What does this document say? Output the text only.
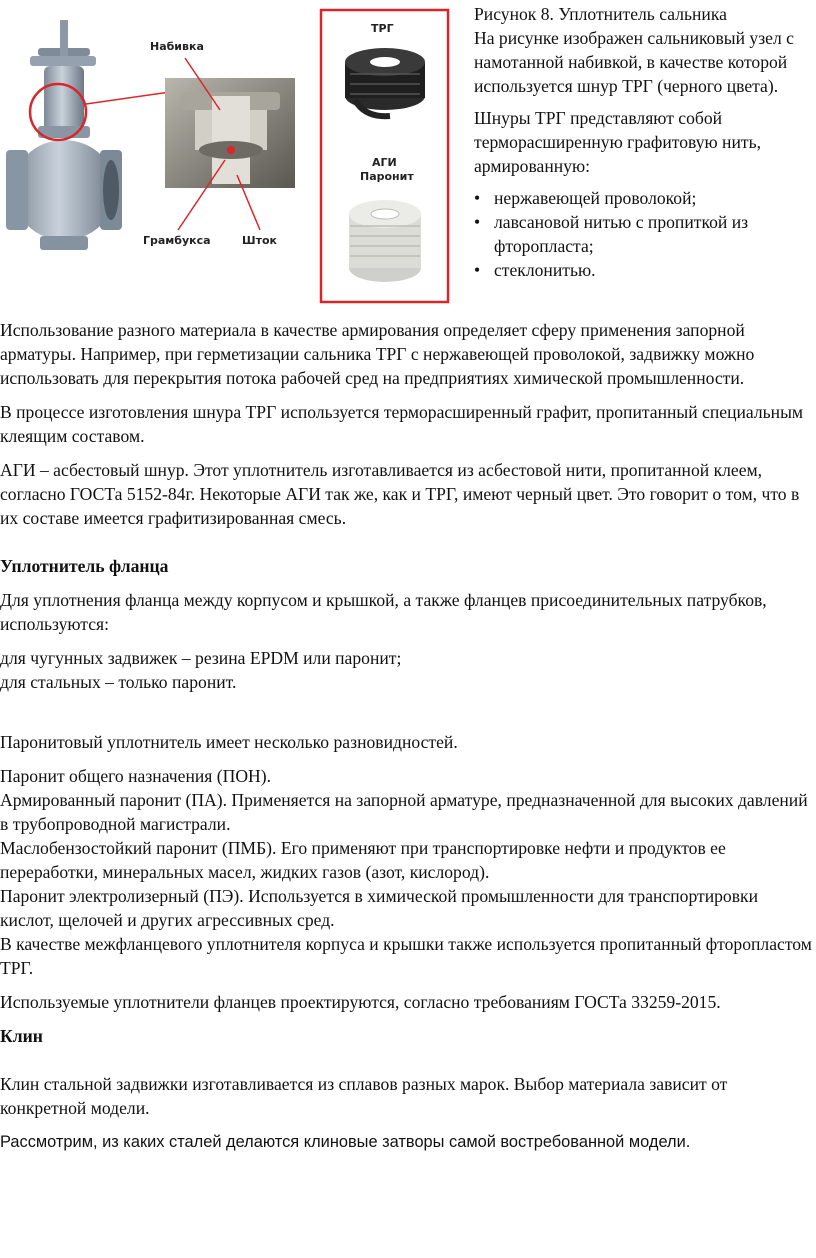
Набивка
Грамбукса	Шток
ТРГ
АГИ
Паронит

Рисунок 8. Уплотнитель сальника
На рисунке изображен сальниковый узел с намотанной набивкой, в качестве которой используется шнур ТРГ (черного цвета).

Шнуры ТРГ представляют собой терморасширенную графитовую нить, армированную:

• нержавеющей проволокой;
• лавсановой нитью с пропиткой из фторопласта;
• стеклонитью.

Использование разного материала в качестве армирования определяет сферу применения запорной арматуры. Например, при герметизации сальника ТРГ с нержавеющей проволокой, задвижку можно использовать для перекрытия потока рабочей сред на предприятиях химической промышленности.

В процессе изготовления шнура ТРГ используется терморасширенный графит, пропитанный специальным клеящим составом.

АГИ – асбестовый шнур. Этот уплотнитель изготавливается из асбестовой нити, пропитанной клеем, согласно ГОСТа 5152-84г. Некоторые АГИ так же, как и ТРГ, имеют черный цвет. Это говорит о том, что в их составе имеется графитизированная смесь.

Уплотнитель фланца

Для уплотнения фланца между корпусом и крышкой, а также фланцев присоединительных патрубков, используются:

для чугунных задвижек – резина EPDM или паронит;
для стальных – только паронит.

Паронитовый уплотнитель имеет несколько разновидностей.

Паронит общего назначения (ПОН).
Армированный паронит (ПА). Применяется на запорной арматуре, предназначенной для высоких давлений в трубопроводной магистрали.
Маслобензостойкий паронит (ПМБ). Его применяют при транспортировке нефти и продуктов ее переработки, минеральных масел, жидких газов (азот, кислород).
Паронит электролизерный (ПЭ). Используется в химической промышленности для транспортировки кислот, щелочей и других агрессивных сред.
В качестве межфланцевого уплотнителя корпуса и крышки также используется пропитанный фторопластом ТРГ.

Используемые уплотнители фланцев проектируются, согласно требованиям ГОСТа 33259-2015.

Клин

Клин стальной задвижки изготавливается из сплавов разных марок. Выбор материала зависит от конкретной модели.

Рассмотрим, из каких сталей делаются клиновые затворы самой востребованной модели.
